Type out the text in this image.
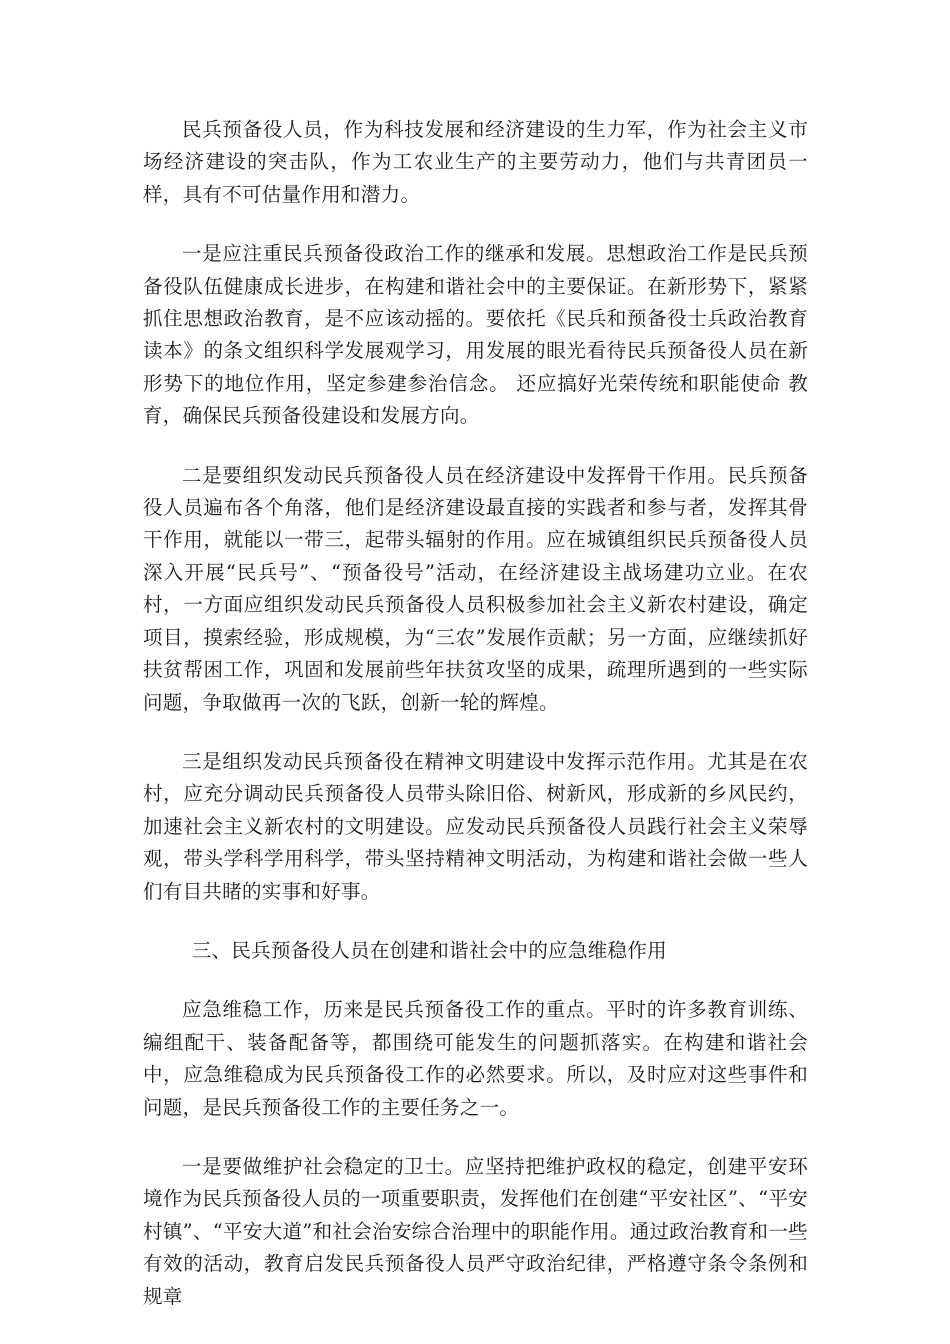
民兵预备役人员，作为科技发展和经济建设的生力军，作为社会主义市场经济建设的突击队，作为工农业生产的主要劳动力，他们与共青团员一样，具有不可估量作用和潜力。

一是应注重民兵预备役政治工作的继承和发展。思想政治工作是民兵预备役队伍健康成长进步，在构建和谐社会中的主要保证。在新形势下，紧紧抓住思想政治教育，是不应该动摇的。要依托《民兵和预备役士兵政治教育读本》的条文组织科学发展观学习，用发展的眼光看待民兵预备役人员在新形势下的地位作用，坚定参建参治信念。 还应搞好光荣传统和职能使命 教育，确保民兵预备役建设和发展方向。

二是要组织发动民兵预备役人员在经济建设中发挥骨干作用。民兵预备役人员遍布各个角落，他们是经济建设最直接的实践者和参与者，发挥其骨干作用，就能以一带三，起带头辐射的作用。应在城镇组织民兵预备役人员深入开展“民兵号”、“预备役号”活动，在经济建设主战场建功立业。在农村，一方面应组织发动民兵预备役人员积极参加社会主义新农村建设，确定项目，摸索经验，形成规模，为“三农”发展作贡献；另一方面，应继续抓好扶贫帮困工作，巩固和发展前些年扶贫攻坚的成果，疏理所遇到的一些实际问题，争取做再一次的飞跃，创新一轮的辉煌。

三是组织发动民兵预备役在精神文明建设中发挥示范作用。尤其是在农村，应充分调动民兵预备役人员带头除旧俗、树新风，形成新的乡风民约，加速社会主义新农村的文明建设。应发动民兵预备役人员践行社会主义荣辱观，带头学科学用科学，带头坚持精神文明活动，为构建和谐社会做一些人们有目共睹的实事和好事。

三、民兵预备役人员在创建和谐社会中的应急维稳作用

应急维稳工作，历来是民兵预备役工作的重点。平时的许多教育训练、编组配干、装备配备等，都围绕可能发生的问题抓落实。在构建和谐社会中，应急维稳成为民兵预备役工作的必然要求。所以，及时应对这些事件和问题，是民兵预备役工作的主要任务之一。

一是要做维护社会稳定的卫士。应坚持把维护政权的稳定，创建平安环境作为民兵预备役人员的一项重要职责，发挥他们在创建“平安社区”、“平安村镇”、“平安大道”和社会治安综合治理中的职能作用。通过政治教育和一些有效的活动，教育启发民兵预备役人员严守政治纪律，严格遵守条令条例和规章
